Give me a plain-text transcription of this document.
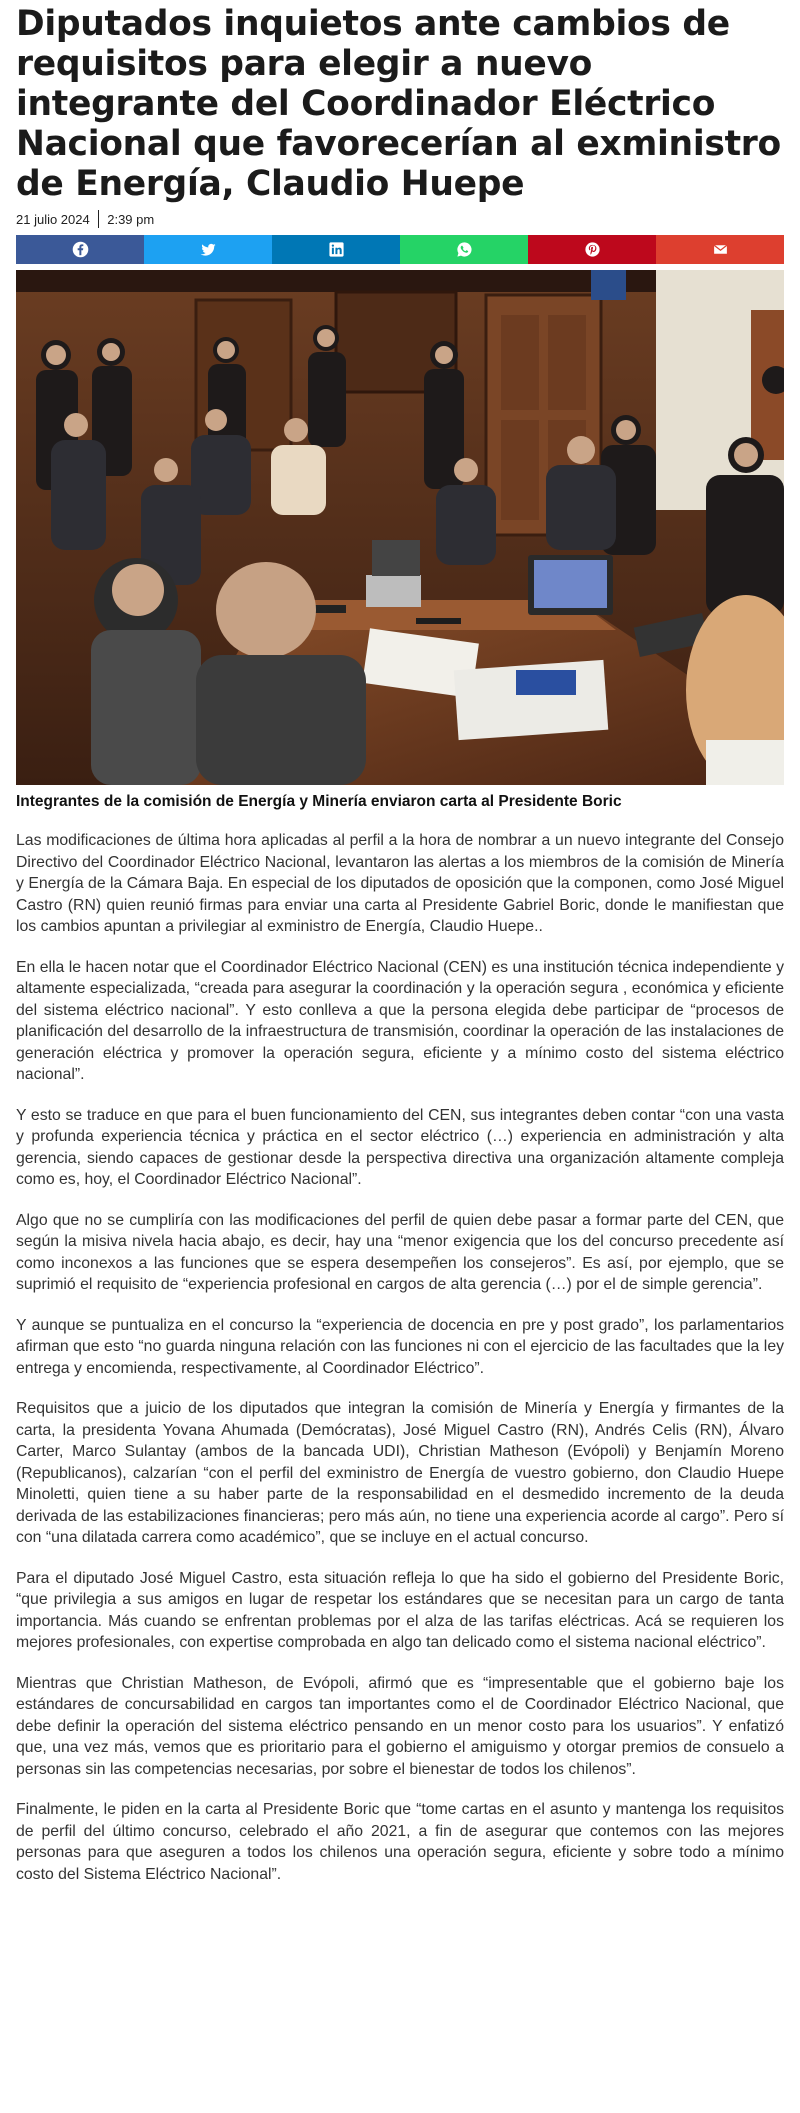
Diputados inquietos ante cambios de requisitos para elegir a nuevo integrante del Coordinador Eléctrico Nacional que favorecerían al exministro de Energía, Claudio Huepe
21 julio 2024 2:39 pm
Integrantes de la comisión de Energía y Minería enviaron carta al Presidente Boric

Las modificaciones de última hora aplicadas al perfil a la hora de nombrar a un nuevo integrante del Consejo Directivo del Coordinador Eléctrico Nacional, levantaron las alertas a los miembros de la comisión de Minería y Energía de la Cámara Baja. En especial de los diputados de oposición que la componen, como José Miguel Castro (RN) quien reunió firmas para enviar una carta al Presidente Gabriel Boric, donde le manifiestan que los cambios apuntan a privilegiar al exministro de Energía, Claudio Huepe..

En ella le hacen notar que el Coordinador Eléctrico Nacional (CEN) es una institución técnica independiente y altamente especializada, “creada para asegurar la coordinación y la operación segura , económica y eficiente del sistema eléctrico nacional”. Y esto conlleva a que la persona elegida debe participar de “procesos de planificación del desarrollo de la infraestructura de transmisión, coordinar la operación de las instalaciones de generación eléctrica y promover la operación segura, eficiente y a mínimo costo del sistema eléctrico nacional”.

Y esto se traduce en que para el buen funcionamiento del CEN, sus integrantes deben contar “con una vasta y profunda experiencia técnica y práctica en el sector eléctrico (…) experiencia en administración y alta gerencia, siendo capaces de gestionar desde la perspectiva directiva una organización altamente compleja como es, hoy, el Coordinador Eléctrico Nacional”.

Algo que no se cumpliría con las modificaciones del perfil de quien debe pasar a formar parte del CEN, que según la misiva nivela hacia abajo, es decir, hay una “menor exigencia que los del concurso precedente así como inconexos a las funciones que se espera desempeñen los consejeros”. Es así, por ejemplo, que se suprimió el requisito de “experiencia profesional en cargos de alta gerencia (…) por el de simple gerencia”.

Y aunque se puntualiza en el concurso la “experiencia de docencia en pre y post grado”, los parlamentarios afirman que esto “no guarda ninguna relación con las funciones ni con el ejercicio de las facultades que la ley entrega y encomienda, respectivamente, al Coordinador Eléctrico”.

Requisitos que a juicio de los diputados que integran la comisión de Minería y Energía y firmantes de la carta, la presidenta Yovana Ahumada (Demócratas), José Miguel Castro (RN), Andrés Celis (RN), Álvaro Carter, Marco Sulantay (ambos de la bancada UDI), Christian Matheson (Evópoli) y Benjamín Moreno (Republicanos), calzarían “con el perfil del exministro de Energía de vuestro gobierno, don Claudio Huepe Minoletti, quien tiene a su haber parte de la responsabilidad en el desmedido incremento de la deuda derivada de las estabilizaciones financieras; pero más aún, no tiene una experiencia acorde al cargo”. Pero sí con “una dilatada carrera como académico”, que se incluye en el actual concurso.

Para el diputado José Miguel Castro, esta situación refleja lo que ha sido el gobierno del Presidente Boric, “que privilegia a sus amigos en lugar de respetar los estándares que se necesitan para un cargo de tanta importancia. Más cuando se enfrentan problemas por el alza de las tarifas eléctricas. Acá se requieren los mejores profesionales, con expertise comprobada en algo tan delicado como el sistema nacional eléctrico”.

Mientras que Christian Matheson, de Evópoli, afirmó que es “impresentable que el gobierno baje los estándares de concursabilidad en cargos tan importantes como el de Coordinador Eléctrico Nacional, que debe definir la operación del sistema eléctrico pensando en un menor costo para los usuarios”. Y enfatizó que, una vez más, vemos que es prioritario para el gobierno el amiguismo y otorgar premios de consuelo a personas sin las competencias necesarias, por sobre el bienestar de todos los chilenos”.

Finalmente, le piden en la carta al Presidente Boric que “tome cartas en el asunto y mantenga los requisitos de perfil del último concurso, celebrado el año 2021, a fin de asegurar que contemos con las mejores personas para que aseguren a todos los chilenos una operación segura, eficiente y sobre todo a mínimo costo del Sistema Eléctrico Nacional”.
